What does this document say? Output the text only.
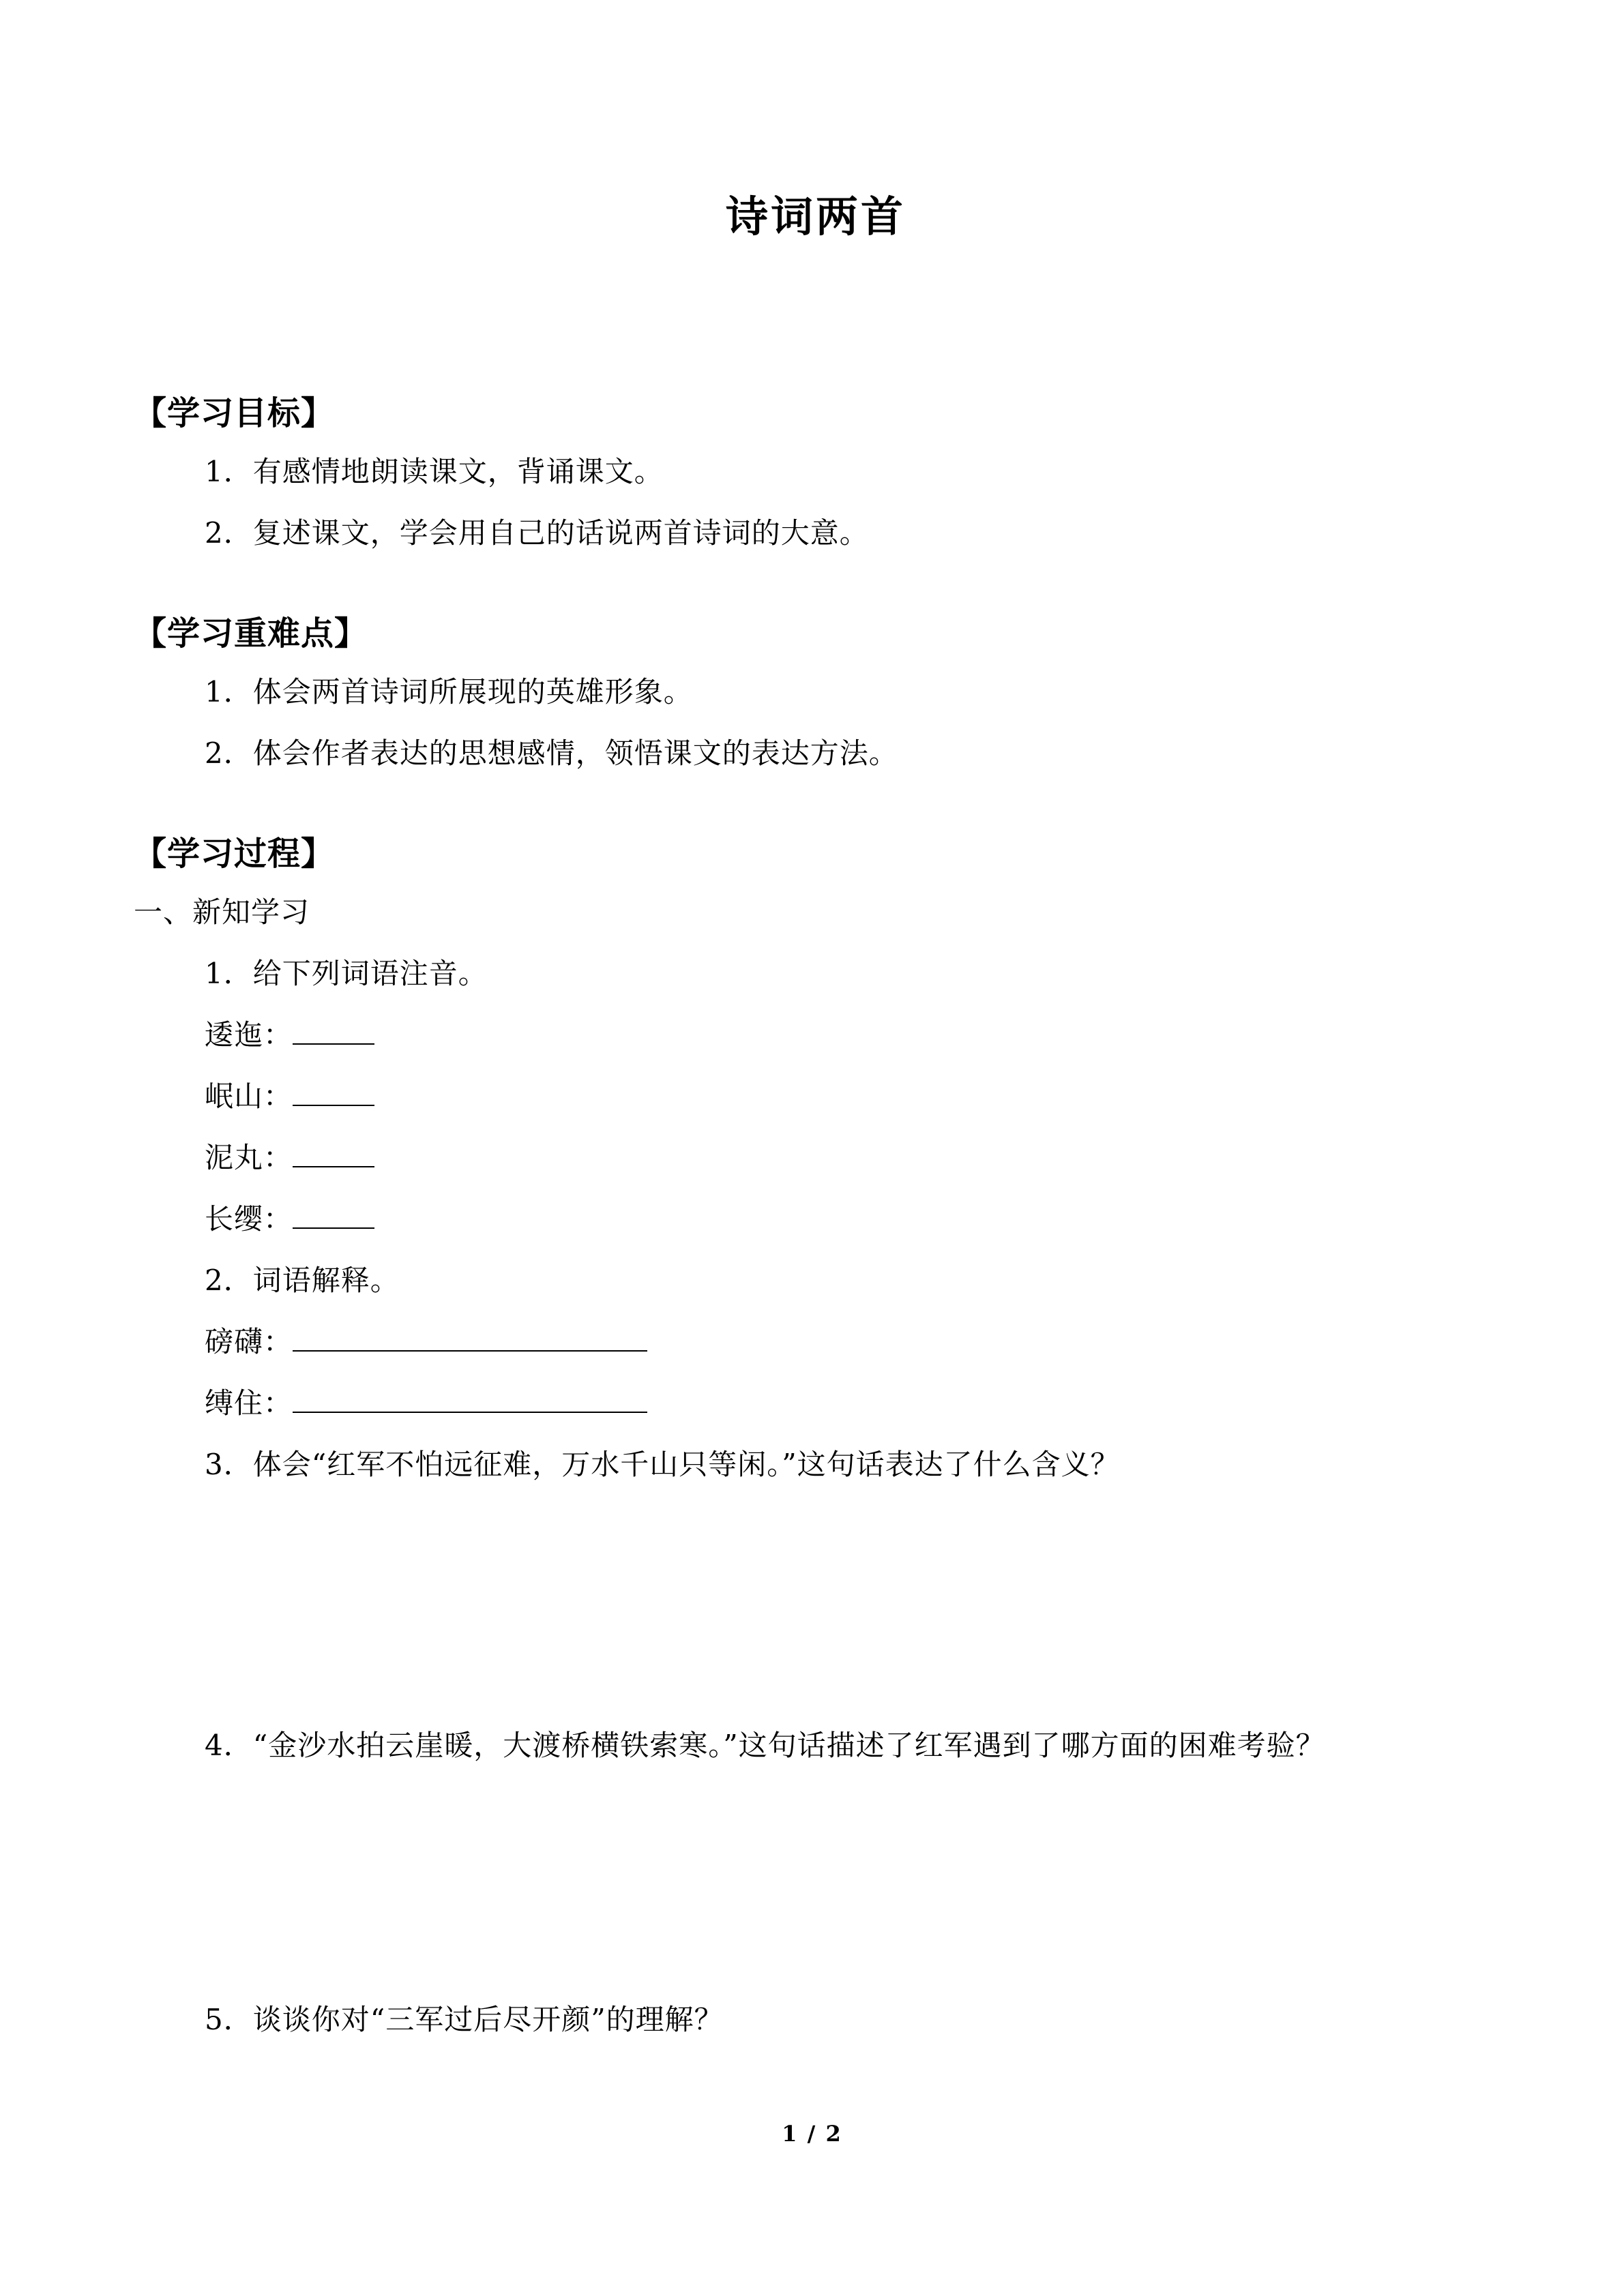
诗词两首
【学习目标】
1．有感情地朗读课文，背诵课文。
2．复述课文，学会用自己的话说两首诗词的大意。
【学习重难点】
1．体会两首诗词所展现的英雄形象。
2．体会作者表达的思想感情，领悟课文的表达方法。
【学习过程】
一、新知学习
1．给下列词语注音。
逶迤：
岷山：
泥丸：
长缨：
2．词语解释。
磅礴：
缚住：
3．体会“红军不怕远征难，万水千山只等闲。”这句话表达了什么含义？
4．“金沙水拍云崖暖，大渡桥横铁索寒。”这句话描述了红军遇到了哪方面的困难考验？
5．谈谈你对“三军过后尽开颜”的理解？
1 / 2
